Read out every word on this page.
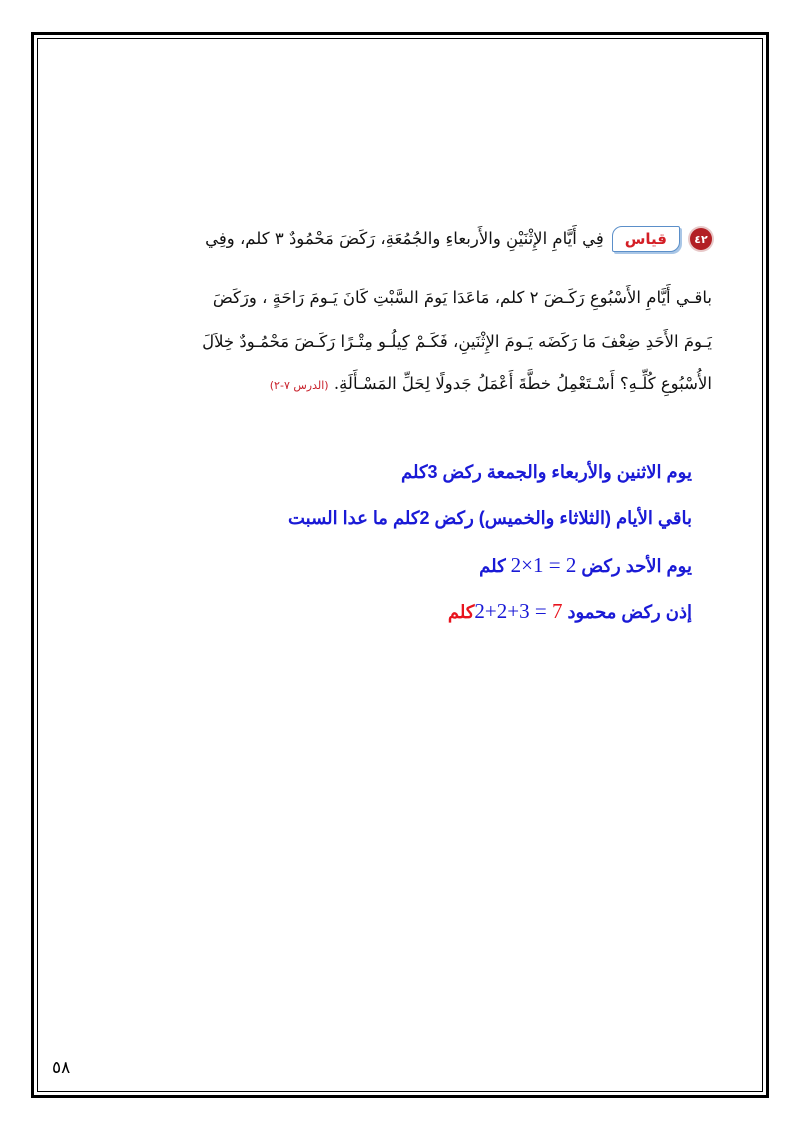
٤٢
قياس
فِي أَيَّامِ الإِثْنَيْنِ والأَربعاءِ والجُمُعَةِ، رَكَضَ مَحْمُودٌ ٣ كلم، وفِي
باقـي أَيَّامِ الأَسْبُوعِ رَكَـضَ ٢ كلم، مَاعَدَا يَومَ السَّبْتِ كَانَ يَـومَ رَاحَةٍ ، ورَكَضَ
يَـومَ الأَحَدِ ضِعْفَ مَا رَكَضَه يَـومَ الإِثْنَينِ، فَكَـمْ كِيلُـو مِتْـرًا رَكَـضَ مَحْمُـودٌ خِلاَلَ
الأُسْبُوعِ كُلِّـهِ؟ أَسْـتَعْمِلُ خطَّةَ أَعْمَلُ جَدولًا لِحَلِّ المَسْـأَلَةِ. (الدرس ٧-٢)
يوم الاثنين والأربعاء والجمعة ركض 3كلم
باقي الأيام (الثلاثاء والخميس) ركض 2كلم ما عدا السبت
يوم الأحد ركض 2×1 = 2 كلم
إذن ركض محمود 2+2+3 = 7كلم
٥٨
